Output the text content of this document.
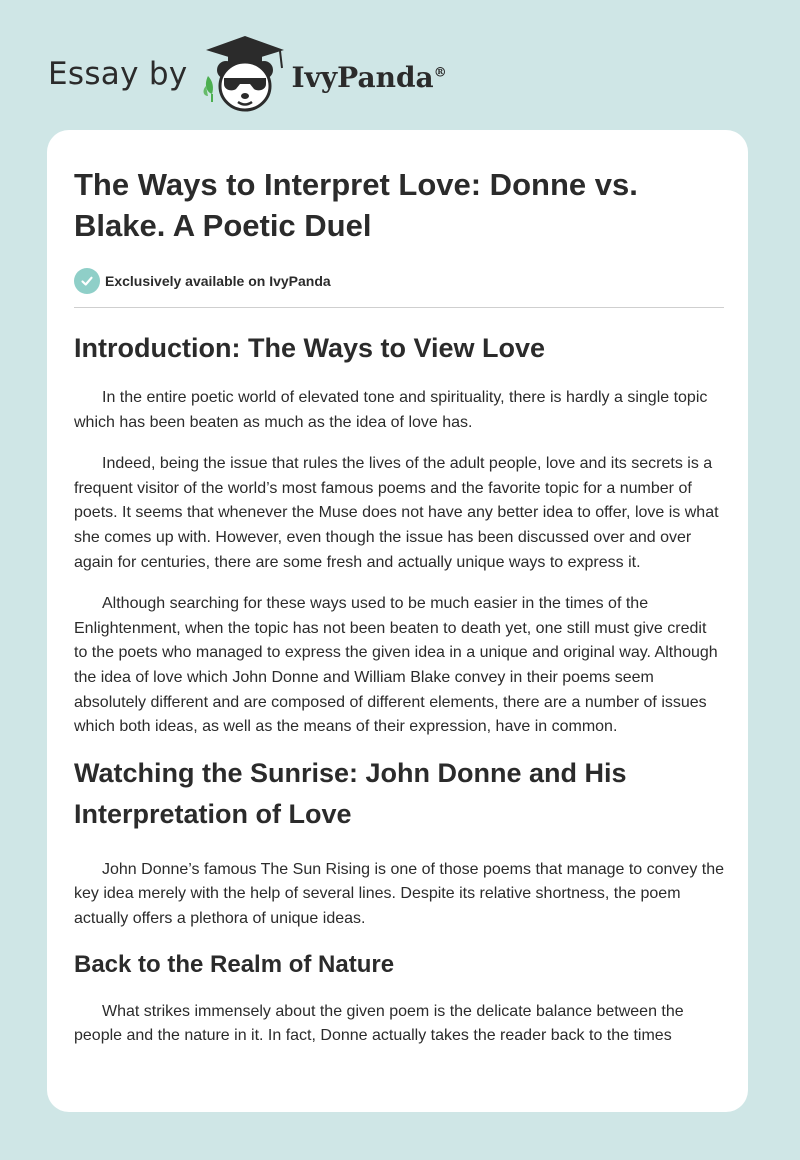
Essay by	IvyPanda®
The Ways to Interpret Love: Donne vs. Blake. A Poetic Duel
Exclusively available on IvyPanda
Introduction: The Ways to View Love

In the entire poetic world of elevated tone and spirituality, there is hardly a single topic which has been beaten as much as the idea of love has.

Indeed, being the issue that rules the lives of the adult people, love and its secrets is a frequent visitor of the world’s most famous poems and the favorite topic for a number of poets. It seems that whenever the Muse does not have any better idea to offer, love is what she comes up with. However, even though the issue has been discussed over and over again for centuries, there are some fresh and actually unique ways to express it.

Although searching for these ways used to be much easier in the times of the Enlightenment, when the topic has not been beaten to death yet, one still must give credit to the poets who managed to express the given idea in a unique and original way. Although the idea of love which John Donne and William Blake convey in their poems seem absolutely different and are composed of different elements, there are a number of issues which both ideas, as well as the means of their expression, have in common.

Watching the Sunrise: John Donne and His Interpretation of Love

John Donne’s famous The Sun Rising is one of those poems that manage to convey the key idea merely with the help of several lines. Despite its relative shortness, the poem actually offers a plethora of unique ideas.

Back to the Realm of Nature

What strikes immensely about the given poem is the delicate balance between the people and the nature in it. In fact, Donne actually takes the reader back to the times
